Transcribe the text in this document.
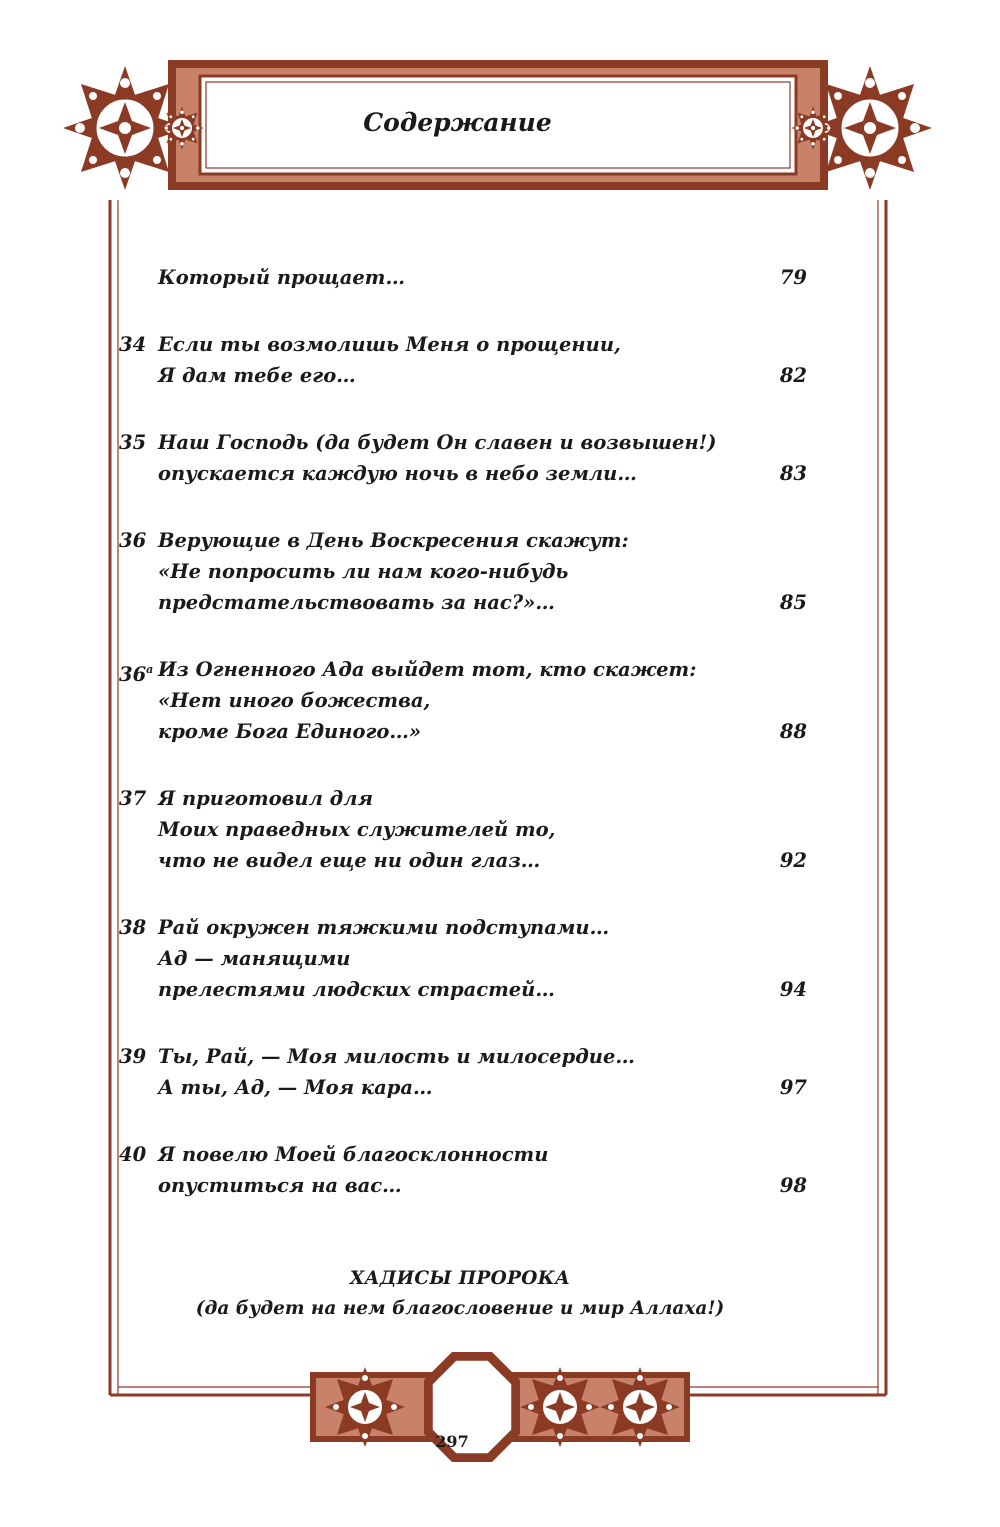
Содержание
Который прощает…	79
34 Если ты возмолишь Меня о прощении,
Я дам тебе его…	82
35 Наш Господь (да будет Он славен и возвышен!)
опускается каждую ночь в небо земли…	83
36 Верующие в День Воскресения скажут:
«Не попросить ли нам кого-нибудь
предстательствовать за нас?»…	85
$36^а$ Из Огненного Ада выйдет тот, кто скажет:
«Нет иного божества,
кроме Бога Единого…»	88
37 Я приготовил для
Моих праведных служителей то,
что не видел еще ни один глаз…	92
38 Рай окружен тяжкими подступами…
Ад — манящими
прелестями людских страстей…	94
39 Ты, Рай, — Моя милость и милосердие…
А ты, Ад, — Моя кара…	97
40 Я повелю Моей благосклонности
опуститься на вас…	98
ХАДИСЫ ПРОРОКА
(да будет на нем благословение и мир Аллаха!)
297
